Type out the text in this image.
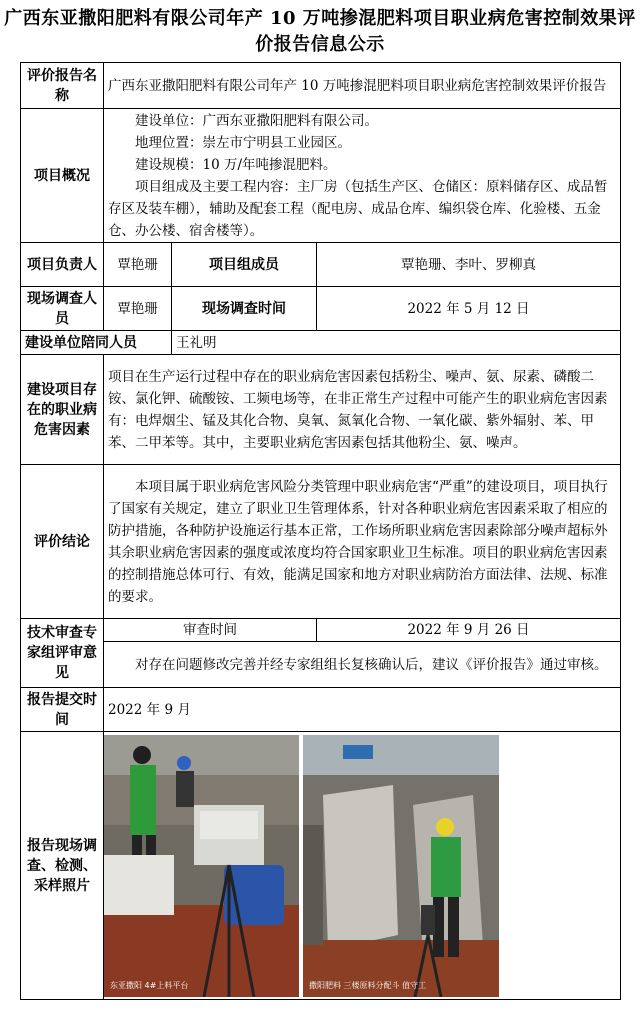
广西东亚撒阳肥料有限公司年产 10 万吨掺混肥料项目职业病危害控制效果评价报告信息公示
评价报告名称	广西东亚撒阳肥料有限公司年产 10 万吨掺混肥料项目职业病危害控制效果评价报告		
项目概况	建设单位：广西东亚撒阳肥料有限公司。

地理位置：崇左市宁明县工业园区。

建设规模：10 万/年吨掺混肥料。

项目组成及主要工程内容：主厂房（包括生产区、仓储区：原料储存区、成品暂存区及装车棚），辅助及配套工程（配电房、成品仓库、编织袋仓库、化验楼、五金仓、办公楼、宿舍楼等）。		

项目负责人	覃艳珊	项目组成员	覃艳珊、李叶、罗柳真
现场调查人员	覃艳珊	现场调查时间	2022 年 5 月 12 日
建设单位陪同人员		王礼明	
建设项目存在的职业病危害因素	项目在生产运行过程中存在的职业病危害因素包括粉尘、噪声、氨、尿素、磷酸二铵、氯化钾、硫酸铵、工频电场等，在非正常生产过程中可能产生的职业病危害因素有：电焊烟尘、锰及其化合物、臭氧、氮氧化合物、一氧化碳、紫外辐射、苯、甲苯、二甲苯等。其中，主要职业病危害因素包括其他粉尘、氨、噪声。		
评价结论	本项目属于职业病危害风险分类管理中职业病危害“严重”的建设项目，项目执行了国家有关规定，建立了职业卫生管理体系，针对各种职业病危害因素采取了相应的防护措施，各种防护设施运行基本正常，工作场所职业病危害因素除部分噪声超标外其余职业病危害因素的强度或浓度均符合国家职业卫生标准。项目的职业病危害因素的控制措施总体可行、有效，能满足国家和地方对职业病防治方面法律、法规、标准的要求。		
技术审查专家组评审意见	审查时间		2022 年 9 月 26 日
	对存在问题修改完善并经专家组组长复核确认后，建议《评价报告》通过审核。		
报告提交时间	2022 年 9 月		
报告现场调查、检测、采样照片	东亚撒阳 4#上料平台 撒阳肥料 三楼原料分配斗 值守工		
